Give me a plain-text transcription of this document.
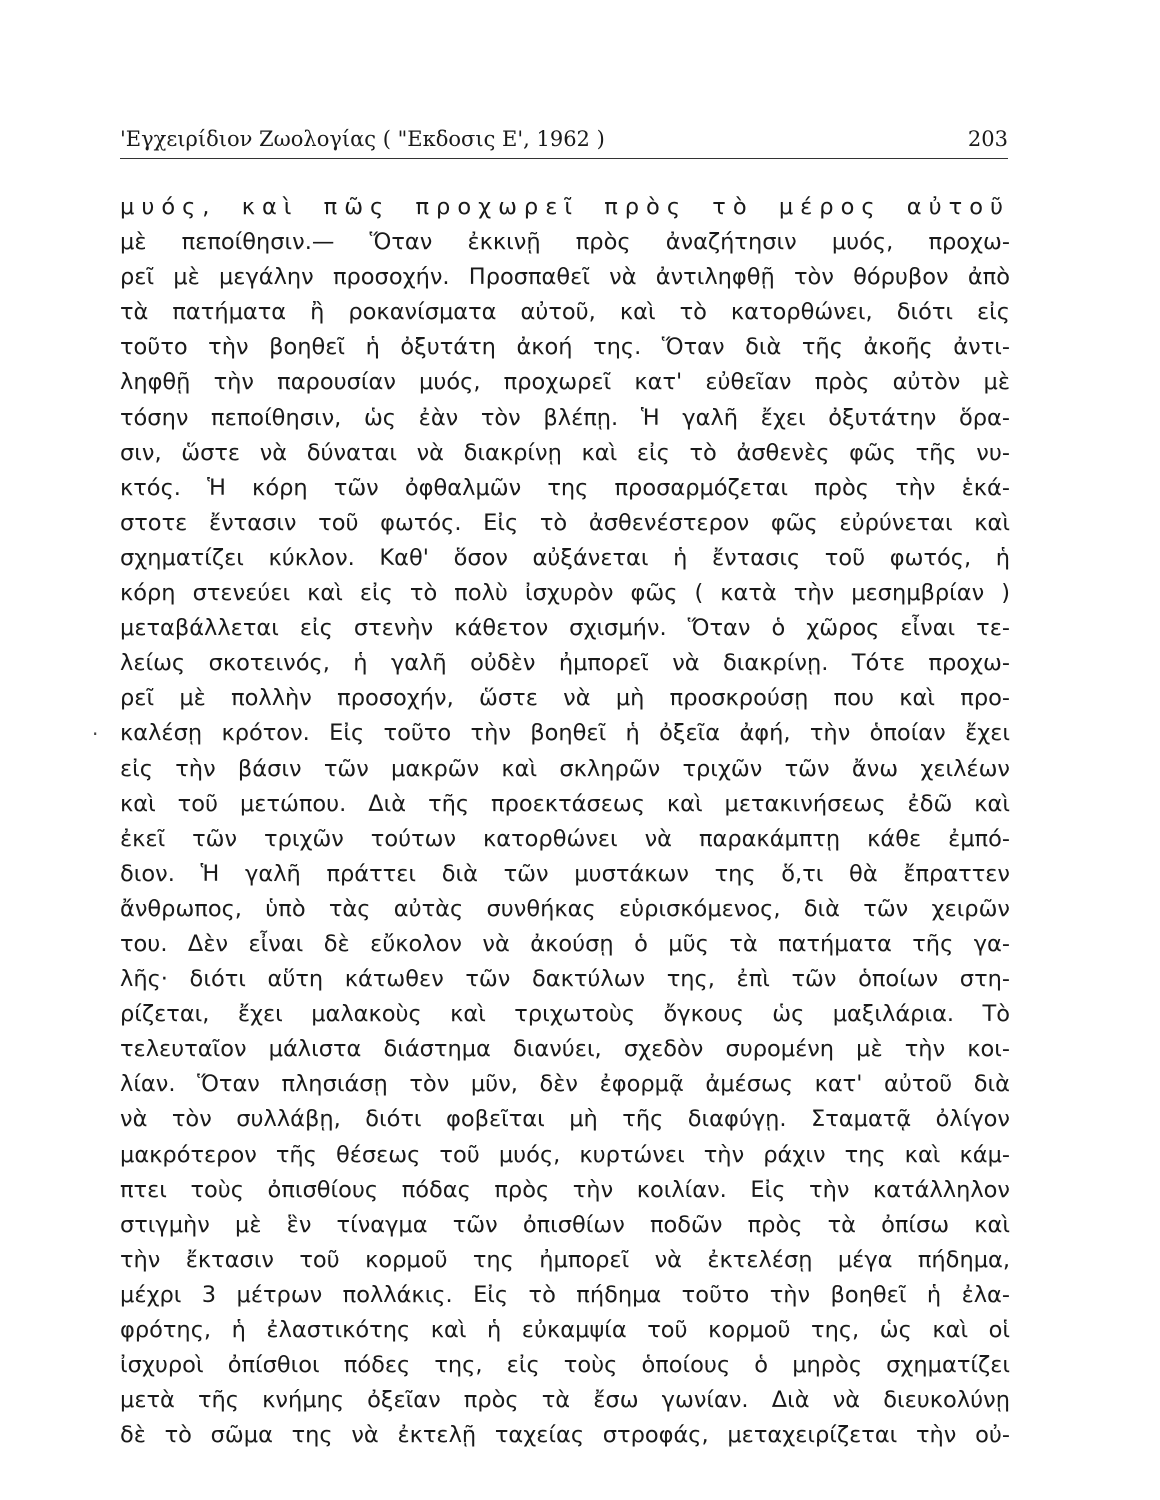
'Εγχειρίδιον Ζωολογίας ( "Εκδοσις Ε', 1962 )	203
·
μυός, καὶ πῶς προχωρεῖ πρὸς τὸ μέρος αὐτοῦ
μὲ πεποίθησιν.— Ὅταν ἐκκινῇ πρὸς ἀναζήτησιν μυός, προχω-
ρεῖ μὲ μεγάλην προσοχήν. Προσπαθεῖ νὰ ἀντιληφθῇ τὸν θόρυβον ἀπὸ
τὰ πατήματα ἢ ροκανίσματα αὐτοῦ, καὶ τὸ κατορθώνει, διότι εἰς
τοῦτο τὴν βοηθεῖ ἡ ὀξυτάτη ἀκοή της. Ὅταν διὰ τῆς ἀκοῆς ἀντι-
ληφθῇ τὴν παρουσίαν μυός, προχωρεῖ κατ' εὐθεῖαν πρὸς αὐτὸν μὲ
τόσην πεποίθησιν, ὡς ἐὰν τὸν βλέπῃ. Ἡ γαλῆ ἔχει ὀξυτάτην ὅρα-
σιν, ὥστε νὰ δύναται νὰ διακρίνῃ καὶ εἰς τὸ ἀσθενὲς φῶς τῆς νυ-
κτός. Ἡ κόρη τῶν ὀφθαλμῶν της προσαρμόζεται πρὸς τὴν ἑκά-
στοτε ἔντασιν τοῦ φωτός. Εἰς τὸ ἀσθενέστερον φῶς εὐρύνεται καὶ
σχηματίζει κύκλον. Καθ' ὅσον αὐξάνεται ἡ ἔντασις τοῦ φωτός, ἡ
κόρη στενεύει καὶ εἰς τὸ πολὺ ἰσχυρὸν φῶς ( κατὰ τὴν μεσημβρίαν )
μεταβάλλεται εἰς στενὴν κάθετον σχισμήν. Ὅταν ὁ χῶρος εἶναι τε-
λείως σκοτεινός, ἡ γαλῆ οὐδὲν ἠμπορεῖ νὰ διακρίνῃ. Τότε προχω-
ρεῖ μὲ πολλὴν προσοχήν, ὥστε νὰ μὴ προσκρούσῃ που καὶ προ-
καλέσῃ κρότον. Εἰς τοῦτο τὴν βοηθεῖ ἡ ὀξεῖα ἀφή, τὴν ὁποίαν ἔχει
εἰς τὴν βάσιν τῶν μακρῶν καὶ σκληρῶν τριχῶν τῶν ἄνω χειλέων
καὶ τοῦ μετώπου. Διὰ τῆς προεκτάσεως καὶ μετακινήσεως ἐδῶ καὶ
ἐκεῖ τῶν τριχῶν τούτων κατορθώνει νὰ παρακάμπτῃ κάθε ἐμπό-
διον. Ἡ γαλῆ πράττει διὰ τῶν μυστάκων της ὅ,τι θὰ ἔπραττεν
ἄνθρωπος, ὑπὸ τὰς αὐτὰς συνθήκας εὑρισκόμενος, διὰ τῶν χειρῶν
του. Δὲν εἶναι δὲ εὔκολον νὰ ἀκούσῃ ὁ μῦς τὰ πατήματα τῆς γα-
λῆς· διότι αὕτη κάτωθεν τῶν δακτύλων της, ἐπὶ τῶν ὁποίων στη-
ρίζεται, ἔχει μαλακοὺς καὶ τριχωτοὺς ὄγκους ὡς μαξιλάρια. Τὸ
τελευταῖον μάλιστα διάστημα διανύει, σχεδὸν συρομένη μὲ τὴν κοι-
λίαν. Ὅταν πλησιάσῃ τὸν μῦν, δὲν ἐφορμᾷ ἀμέσως κατ' αὐτοῦ διὰ
νὰ τὸν συλλάβῃ, διότι φοβεῖται μὴ τῆς διαφύγῃ. Σταματᾷ ὀλίγον
μακρότερον τῆς θέσεως τοῦ μυός, κυρτώνει τὴν ράχιν της καὶ κάμ-
πτει τοὺς ὀπισθίους πόδας πρὸς τὴν κοιλίαν. Εἰς τὴν κατάλληλον
στιγμὴν μὲ ἓν τίναγμα τῶν ὀπισθίων ποδῶν πρὸς τὰ ὀπίσω καὶ
τὴν ἔκτασιν τοῦ κορμοῦ της ἠμπορεῖ νὰ ἐκτελέσῃ μέγα πήδημα,
μέχρι 3 μέτρων πολλάκις. Εἰς τὸ πήδημα τοῦτο τὴν βοηθεῖ ἡ ἐλα-
φρότης, ἡ ἐλαστικότης καὶ ἡ εὐκαμψία τοῦ κορμοῦ της, ὡς καὶ οἱ
ἰσχυροὶ ὀπίσθιοι πόδες της, εἰς τοὺς ὁποίους ὁ μηρὸς σχηματίζει
μετὰ τῆς κνήμης ὀξεῖαν πρὸς τὰ ἔσω γωνίαν. Διὰ νὰ διευκολύνῃ
δὲ τὸ σῶμα της νὰ ἐκτελῇ ταχείας στροφάς, μεταχειρίζεται τὴν οὐ-
